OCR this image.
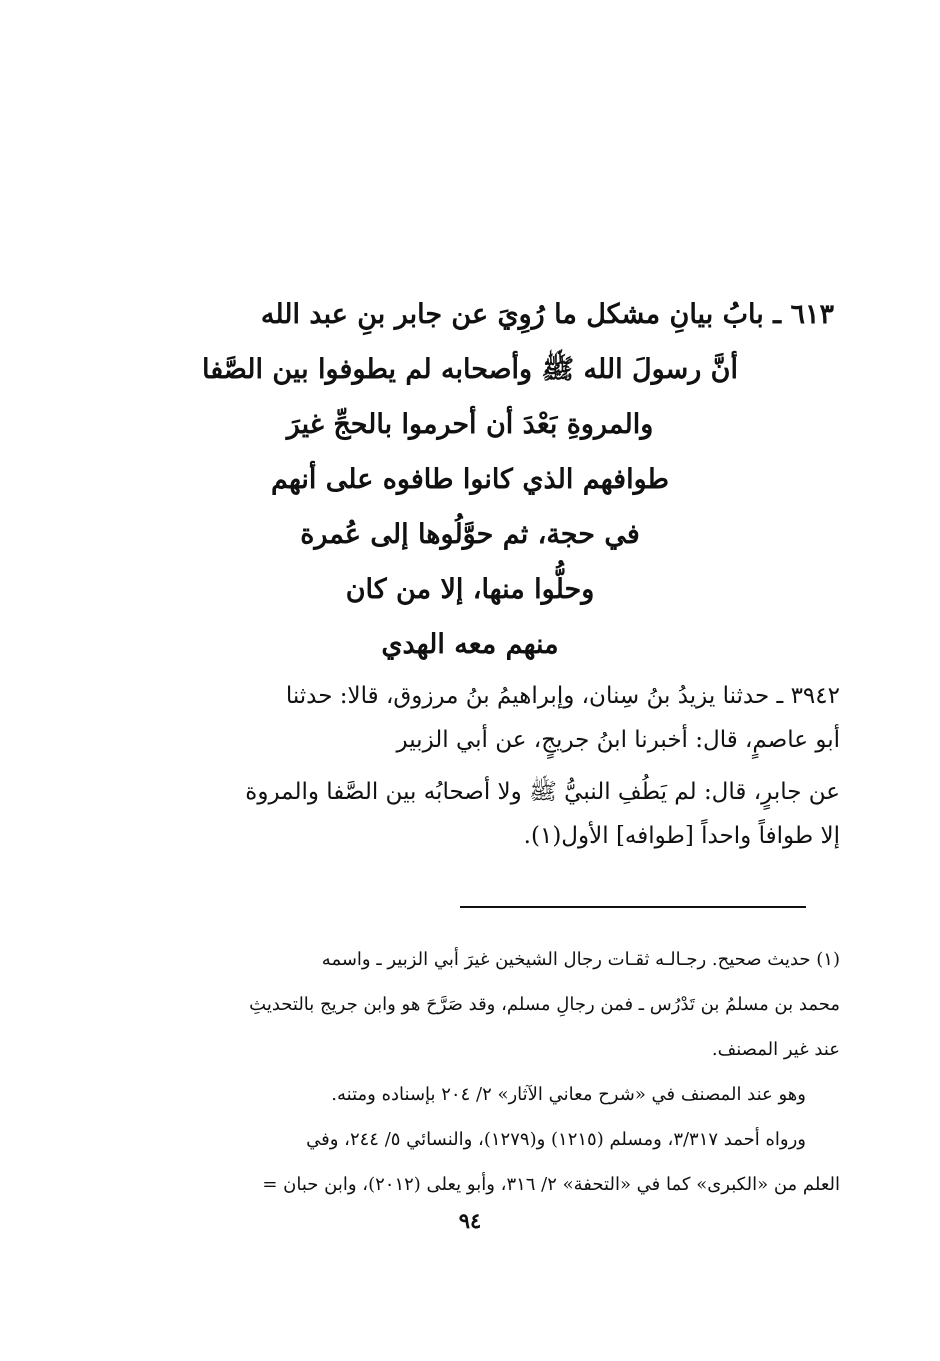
٦١٣ ـ بابُ بيانِ مشكل ما رُوِيَ عن جابر بنِ عبد الله
أنَّ رسولَ الله ﷺ وأصحابه لم يطوفوا بين الصَّفا
والمروةِ بَعْدَ أن أحرموا بالحجِّ غيرَ
طوافهم الذي كانوا طافوه على أنهم
في حجة، ثم حوَّلُوها إلى عُمرة
وحلُّوا منها، إلا من كان
منهم معه الهدي
٣٩٤٢ ـ حدثنا يزيدُ بنُ سِنان، وإبراهيمُ بنُ مرزوق، قالا: حدثنا
أبو عاصمٍ، قال: أخبرنا ابنُ جريجٍ، عن أبي الزبير
عن جابرٍ، قال: لم يَطُفِ النبيُّ ﷺ ولا أصحابُه بين الصَّفا والمروة
إلا طوافاً واحداً [طوافه] الأول(١).
(١) حديث صحيح. رجـالـه ثقـات رجال الشيخين غيرَ أبي الزبير ـ واسمه
محمد بن مسلمُ بن تَدْرُس ـ فمن رجالِ مسلم، وقد صَرَّحَ هو وابن جريج بالتحديثِ
عند غير المصنف.
وهو عند المصنف في «شرح معاني الآثار» ٢/ ٢٠٤ بإسناده ومتنه.
ورواه أحمد ٣/٣١٧، ومسلم (١٢١٥) و(١٢٧٩)، والنسائي ٥/ ٢٤٤، وفي
العلم من «الكبرى» كما في «التحفة» ٢/ ٣١٦، وأبو يعلى (٢٠١٢)، وابن حبان =
٩٤
